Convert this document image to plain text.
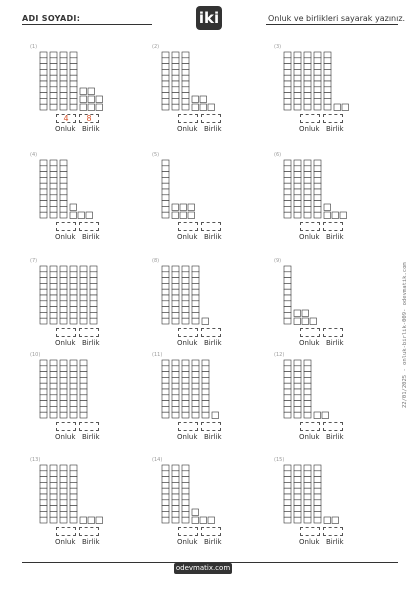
ADI SOYADI:	iki	Onluk ve birlikleri sayarak yazınız.
(1)
4
Onluk
8
Birlik
(2)
Onluk Birlik
(3)
Onluk Birlik
(4)
Onluk Birlik
(5)
Onluk Birlik
(6)
Onluk Birlik
(7)
Onluk Birlik
(8)
Onluk Birlik
(9)
Onluk Birlik
(10)
Onluk Birlik
(11)
Onluk Birlik
(12)
Onluk Birlik
(13)
Onluk Birlik
(14)
Onluk Birlik
(15)
Onluk Birlik
22/01/2025 - onluk-birlik-009- odevmatik.com
odevmatix.com
